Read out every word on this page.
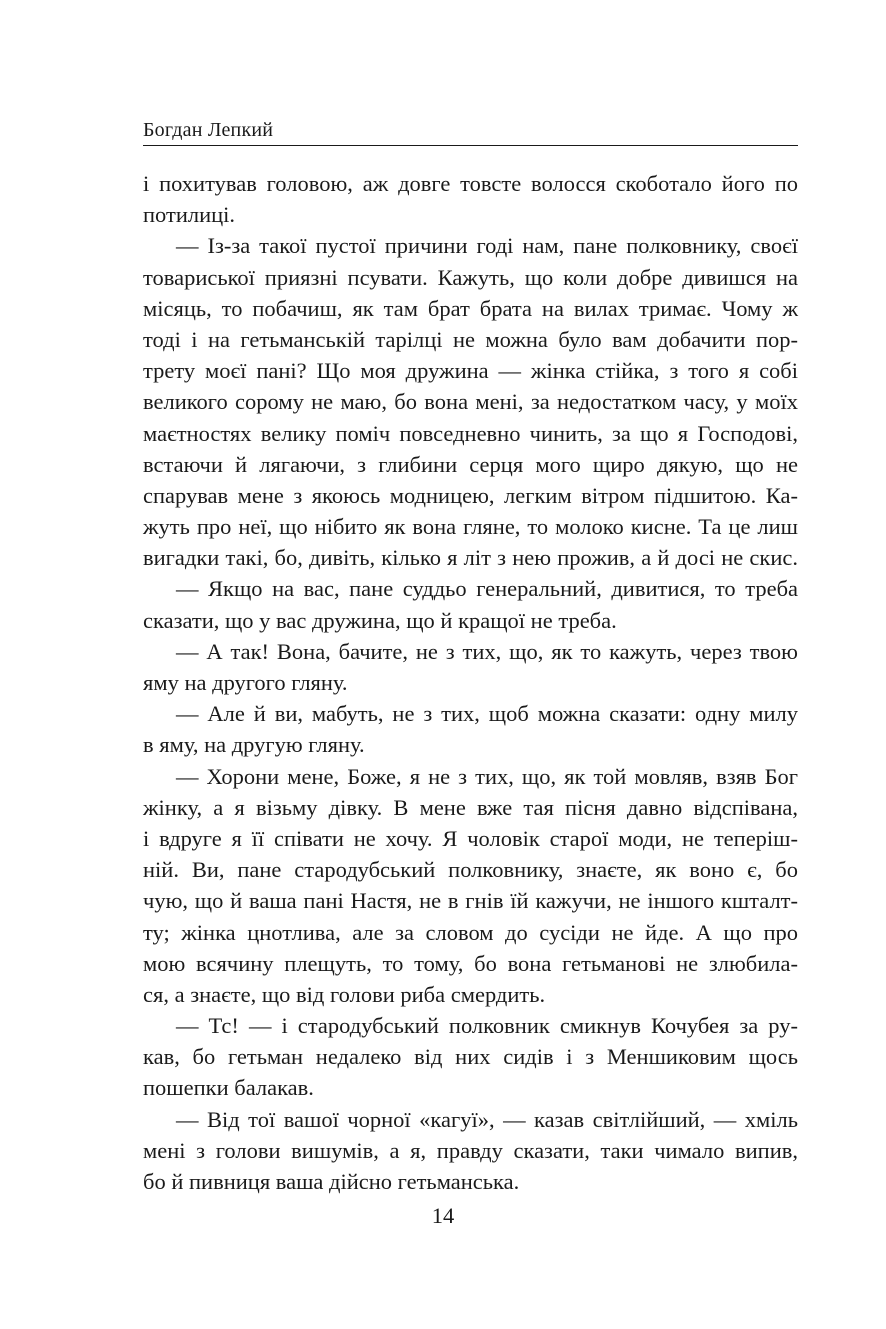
Богдан Лепкий
і похитував головою, аж довге товсте волосся скоботало його по
потилиці.
— Із-за такої пустої причини годі нам, пане полковнику, своєї
товариської приязні псувати. Кажуть, що коли добре дивишся на
місяць, то побачиш, як там брат брата на вилах тримає. Чому ж
тоді і на гетьманській тарілці не можна було вам добачити пор-
трету моєї пані? Що моя дружина — жінка стійка, з того я собі
великого сорому не маю, бо вона мені, за недостатком часу, у моїх
маєтностях велику поміч повседневно чинить, за що я Господові,
встаючи й лягаючи, з глибини серця мого щиро дякую, що не
спарував мене з якоюсь модницею, легким вітром підшитою. Ка-
жуть про неї, що нібито як вона гляне, то молоко кисне. Та це лиш
вигадки такі, бо, дивіть, кілько я літ з нею прожив, а й досі не скис.
— Якщо на вас, пане суддьо генеральний, дивитися, то треба
сказати, що у вас дружина, що й кращої не треба.
— А так! Вона, бачите, не з тих, що, як то кажуть, через твою
яму на другого гляну.
— Але й ви, мабуть, не з тих, щоб можна сказати: одну милу
в яму, на другую гляну.
— Хорони мене, Боже, я не з тих, що, як той мовляв, взяв Бог
жінку, а я візьму дівку. В мене вже тая пісня давно відспівана,
і вдруге я її співати не хочу. Я чоловік старої моди, не теперіш-
ній. Ви, пане стародубський полковнику, знаєте, як воно є, бо
чую, що й ваша пані Настя, не в гнів їй кажучи, не іншого кшталт-
ту; жінка цнотлива, але за словом до сусіди не йде. А що про
мою всячину плещуть, то тому, бо вона гетьманові не злюбила-
ся, а знаєте, що від голови риба смердить.
— Тс! — і стародубський полковник смикнув Кочубея за ру-
кав, бо гетьман недалеко від них сидів і з Меншиковим щось
пошепки балакав.
— Від тої вашої чорної «кагуї», — казав світлійший, — хміль
мені з голови вишумів, а я, правду сказати, таки чимало випив,
бо й пивниця ваша дійсно гетьманська.
14
